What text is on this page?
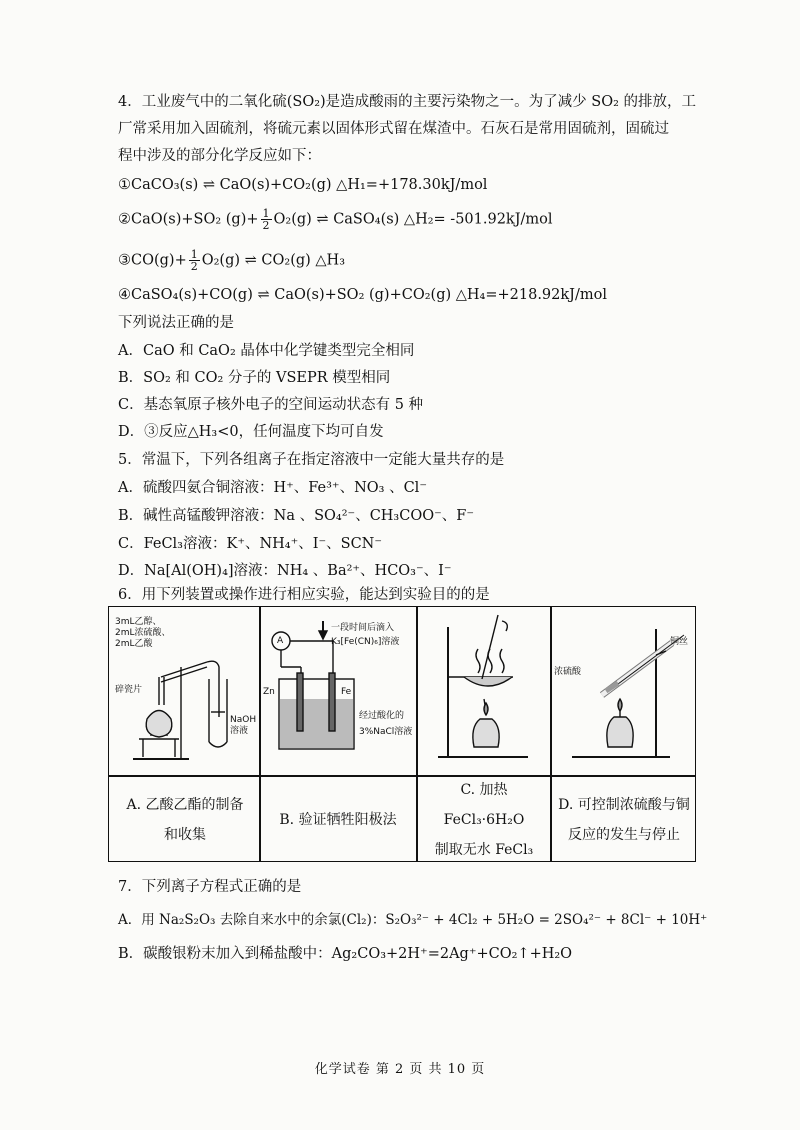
4．工业废气中的二氧化硫(SO₂)是造成酸雨的主要污染物之一。为了减少 SO₂ 的排放，工
厂常采用加入固硫剂，将硫元素以固体形式留在煤渣中。石灰石是常用固硫剂，固硫过
程中涉及的部分化学反应如下：
①CaCO₃(s) ⇌ CaO(s)+CO₂(g) △H₁=+178.30kJ/mol
②CaO(s)+SO₂ $(g)+ \frac{1}{2} O_2(g)$ ⇌ CaSO₄(s) △H₂= -501.92kJ/mol
③CO(g)+ $\frac{1}{2} O_2(g)$ ⇌ CO₂(g) △H₃
④CaSO₄(s)+CO(g) ⇌ CaO(s)+SO₂ (g)+CO₂(g) △H₄=+218.92kJ/mol
下列说法正确的是
A．CaO 和 CaO₂ 晶体中化学键类型完全相同
B．SO₂ 和 CO₂ 分子的 VSEPR 模型相同
C．基态氧原子核外电子的空间运动状态有 5 种
D．③反应△H₃<0，任何温度下均可自发
5．常温下，下列各组离子在指定溶液中一定能大量共存的是
A．硫酸四氨合铜溶液：H⁺、Fe³⁺、NO₃ 、Cl⁻
B．碱性高锰酸钾溶液：Na 、SO₄²⁻、CH₃COO⁻、F⁻
C．FeCl₃溶液：K⁺、NH₄⁺、I⁻、SCN⁻
D．Na[Al(OH)₄]溶液：NH₄ 、Ba²⁺、HCO₃⁻、I⁻
6．用下列装置或操作进行相应实验，能达到实验目的的是
3mL乙醇、
2mL浓硫酸、
2mL乙酸
碎瓷片
NaOH
溶液
A
一段时间后滴入
K₃[Fe(CN)₆]溶液
Zn	Fe
经过酸化的
3%NaCl溶液
浓硫酸
铜丝
A. 乙酸乙酯的制备
和收集
B. 验证牺牲阳极法
C. 加热 FeCl₃·6H₂O
制取无水 FeCl₃
D. 可控制浓硫酸与铜
反应的发生与停止
7．下列离子方程式正确的是
A．用 Na₂S₂O₃ 去除自来水中的余氯(Cl₂)：S₂O₃²⁻ + 4Cl₂ + 5H₂O = 2SO₄²⁻ + 8Cl⁻ + 10H⁺
B．碳酸银粉末加入到稀盐酸中：Ag₂CO₃+2H⁺=2Ag⁺+CO₂↑+H₂O
化学试卷 第 2 页 共 10 页
